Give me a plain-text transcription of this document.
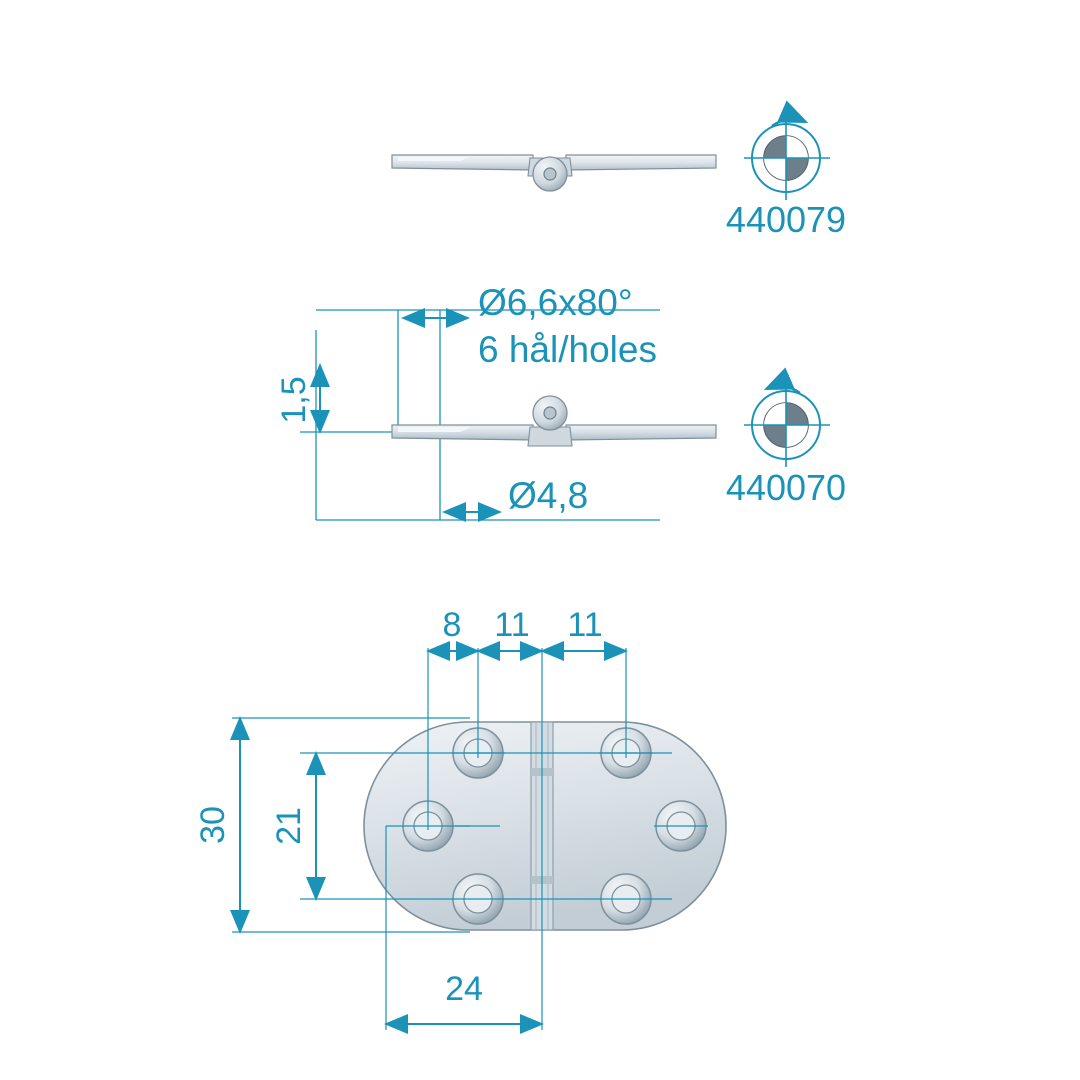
440079
1,5
Ø6,6x80°
6 hål/holes
Ø4,8	440070
8 11 11
30 21
24
